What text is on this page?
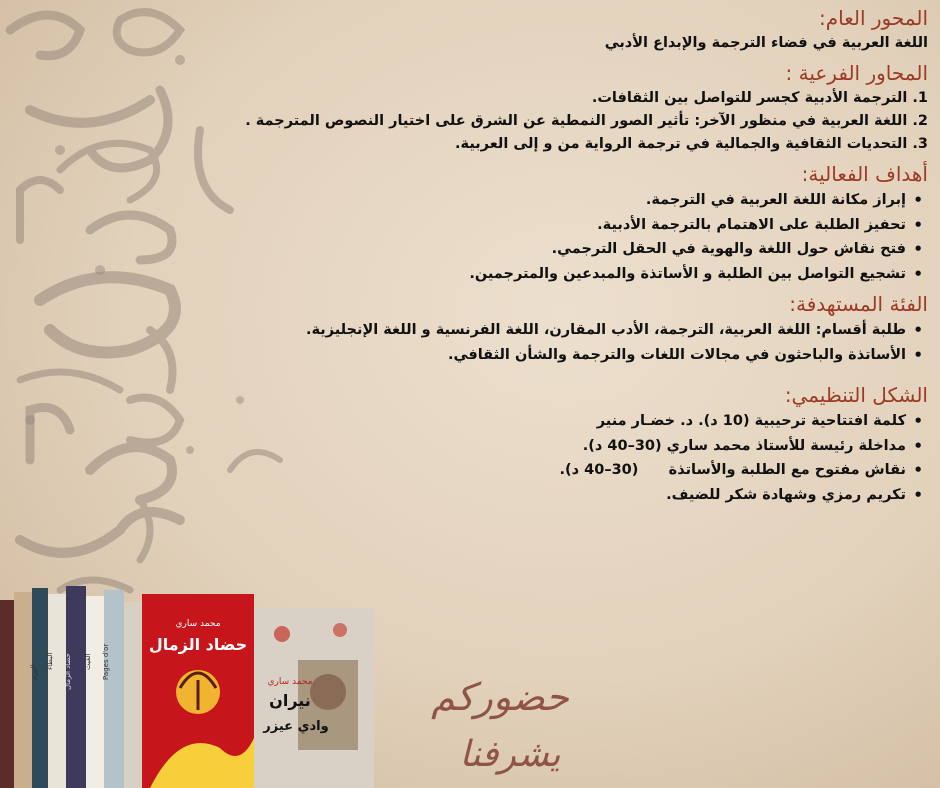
المحور العام:

اللغة العربية في فضاء الترجمة والإبداع الأدبي

المحاور الفرعية :

1. الترجمة الأدبية كجسر للتواصل بين الثقافات.

2. اللغة العربية في منظور الآخر: تأثير الصور النمطية عن الشرق على اختيار النصوص المترجمة .

3. التحديات الثقافية والجمالية في ترجمة الرواية من و إلى العربية.

أهداف الفعالية:

• إبراز مكانة اللغة العربية في الترجمة.
• تحفيز الطلبة على الاهتمام بالترجمة الأدبية.
• فتح نقاش حول اللغة والهوية في الحقل الترجمي.
• تشجيع التواصل بين الطلبة و الأساتذة والمبدعين والمترجمين.

الفئة المستهدفة:

• طلبة أقسام: اللغة العربية، الترجمة، الأدب المقارن، اللغة الفرنسية و اللغة الإنجليزية.
• الأساتذة والباحثون في مجالات اللغات والترجمة والشأن الثقافي.

الشكل التنظيمي:

• كلمة افتتاحية ترحيبية (10 د). د. خضـار منير
• مداخلة رئيسة للأستاذ محمد ساري (30–40 د).
• نقاش مفتوح مع الطلبة والأساتذة      (30–40 د).
• تكريم رمزي وشهادة شكر للضيف.
الورم
البطاء حضاد الزمال الغيث Pages d'or
محمد ساري
حضاد الزمال
محمد ساري
نيران
وادي عيزر
حضوركم
يشرفنا
